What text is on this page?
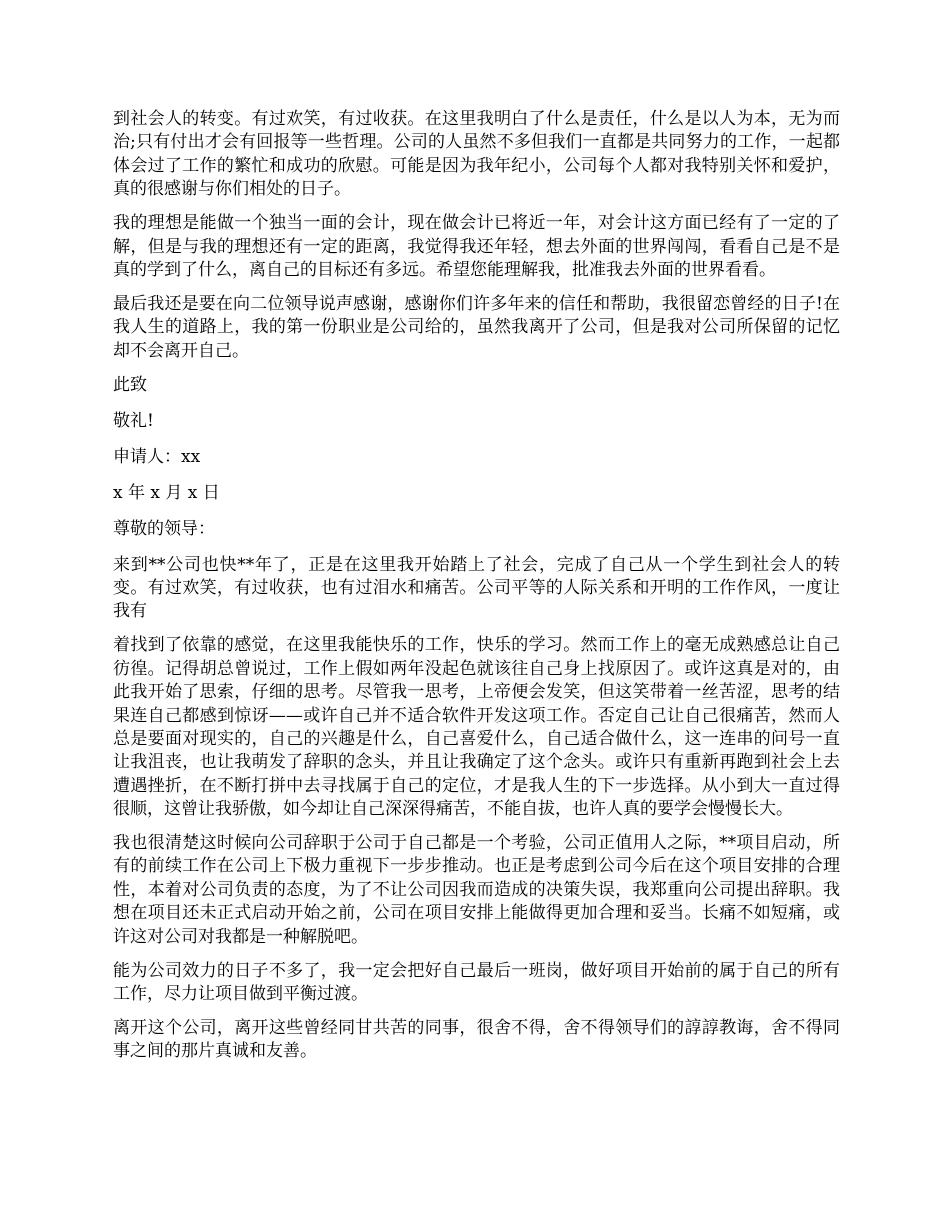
到社会人的转变。有过欢笑，有过收获。在这里我明白了什么是责任，什么是以人为本，无为而治;只有付出才会有回报等一些哲理。公司的人虽然不多但我们一直都是共同努力的工作，一起都体会过了工作的繁忙和成功的欣慰。可能是因为我年纪小，公司每个人都对我特别关怀和爱护，真的很感谢与你们相处的日子。

我的理想是能做一个独当一面的会计，现在做会计已将近一年，对会计这方面已经有了一定的了解，但是与我的理想还有一定的距离，我觉得我还年轻，想去外面的世界闯闯，看看自己是不是真的学到了什么，离自己的目标还有多远。希望您能理解我，批准我去外面的世界看看。

最后我还是要在向二位领导说声感谢，感谢你们许多年来的信任和帮助，我很留恋曾经的日子!在我人生的道路上，我的第一份职业是公司给的，虽然我离开了公司，但是我对公司所保留的记忆却不会离开自己。

此致

敬礼!

申请人：xx

x 年 x 月 x 日

尊敬的领导：

来到**公司也快**年了，正是在这里我开始踏上了社会，完成了自己从一个学生到社会人的转变。有过欢笑，有过收获，也有过泪水和痛苦。公司平等的人际关系和开明的工作作风，一度让我有

着找到了依靠的感觉，在这里我能快乐的工作，快乐的学习。然而工作上的毫无成熟感总让自己彷徨。记得胡总曾说过，工作上假如两年没起色就该往自己身上找原因了。或许这真是对的，由此我开始了思索，仔细的思考。尽管我一思考，上帝便会发笑，但这笑带着一丝苦涩，思考的结果连自己都感到惊讶——或许自己并不适合软件开发这项工作。否定自己让自己很痛苦，然而人总是要面对现实的，自己的兴趣是什么，自己喜爱什么，自己适合做什么，这一连串的问号一直让我沮丧，也让我萌发了辞职的念头，并且让我确定了这个念头。或许只有重新再跑到社会上去遭遇挫折，在不断打拼中去寻找属于自己的定位，才是我人生的下一步选择。从小到大一直过得很顺，这曾让我骄傲，如今却让自己深深得痛苦，不能自拔，也许人真的要学会慢慢长大。

我也很清楚这时候向公司辞职于公司于自己都是一个考验，公司正值用人之际，**项目启动，所有的前续工作在公司上下极力重视下一步步推动。也正是考虑到公司今后在这个项目安排的合理性，本着对公司负责的态度，为了不让公司因我而造成的决策失误，我郑重向公司提出辞职。我想在项目还未正式启动开始之前，公司在项目安排上能做得更加合理和妥当。长痛不如短痛，或许这对公司对我都是一种解脱吧。

能为公司效力的日子不多了，我一定会把好自己最后一班岗，做好项目开始前的属于自己的所有工作，尽力让项目做到平衡过渡。

离开这个公司，离开这些曾经同甘共苦的同事，很舍不得，舍不得领导们的諄諄教诲，舍不得同事之间的那片真诚和友善。
